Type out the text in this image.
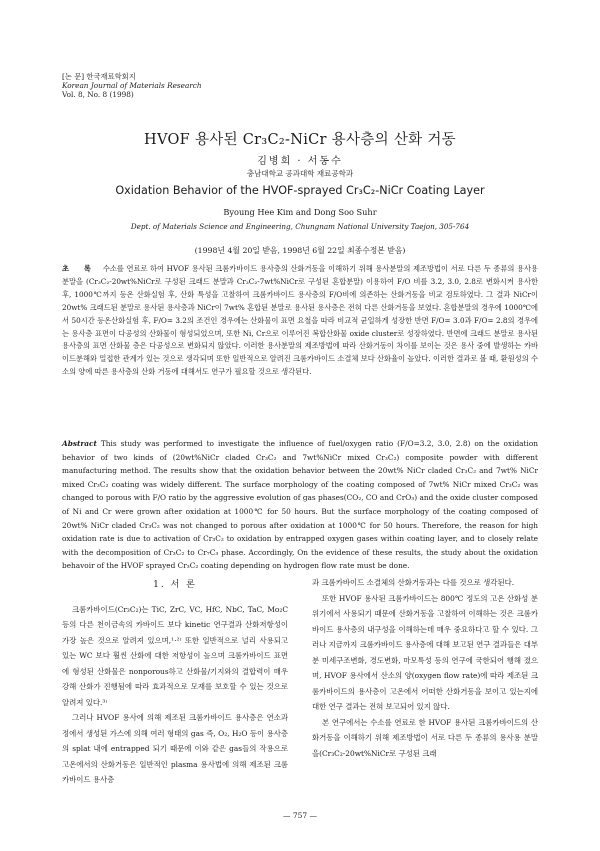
[논 문] 한국재료학회지
Korean Journal of Materials Research
Vol. 8, No. 8 (1998)
HVOF 용사된 Cr₃C₂-NiCr 용사층의 산화 거동
김병희 · 서동수
충남대학교 공과대학 재료공학과
Oxidation Behavior of the HVOF-sprayed Cr₃C₂-NiCr Coating Layer
Byoung Hee Kim and Dong Soo Suhr
Dept. of Materials Science and Engineering, Chungnam National University Taejon, 305-764
(1998년 4월 20일 받음, 1998년 6월 22일 최종수정본 받음)
초 록 수소를 연료로 하여 HVOF 용사된 크롬카바이드 용사층의 산화거동을 이해하기 위해 용사분말의 제조방법이 서로 다른 두 종류의 용사용 분말을 (Cr₃C₂-20wt%NiCr로 구성된 크래드 분말과 Cr₃C₂-7wt%NiCr로 구성된 혼합분말) 이용하여 F/O 비를 3.2, 3.0, 2.8로 변화시켜 용사한 후, 1000℃까지 등온 산화실험 후, 산화 특성을 고찰하여 크롬카바이드 용사층의 F/O비에 의존하는 산화거동을 비교 검토하였다. 그 결과 NiCr이 20wt% 크래드된 분말로 용사된 용사층과 NiCr이 7wt% 혼합된 분말로 용사된 용사층은 전혀 다른 산화거동을 보였다. 혼합분말의 경우에 1000℃에서 50시간 등온산화실험 후, F/O= 3.2의 조건인 경우에는 산화물이 표면 요철을 따라 비교적 균일하게 성장한 반면 F/O= 3.0과 F/O= 2.8의 경우에는 용사층 표면이 다공성의 산화물이 형성되었으며, 또한 Ni, Cr으로 이루어진 복합산화물 oxide cluster로 성장하였다. 반면에 크래드 분말로 용사된 용사층의 표면 산화물 층은 다공성으로 변화되지 않았다. 이러한 용사분말의 제조방법에 따라 산화거동이 차이를 보이는 것은 용사 중에 발생하는 카바이드분해와 밀접한 관계가 있는 것으로 생각되며 또한 일반적으로 알려진 크롬카바이드 소결체 보다 산화율이 높았다. 이러한 결과로 볼 때, 환원성의 수소의 양에 따른 용사층의 산화 거동에 대해서도 연구가 필요할 것으로 생각된다.
Abstract This study was performed to investigate the influence of fuel/oxygen ratio (F/O=3.2, 3.0, 2.8) on the oxidation behavior of two kinds of (20wt%NiCr claded Cr₃C₂ and 7wt%NiCr mixed Cr₃C₂) composite powder with different manufacturing method. The results show that the oxidation behavior between the 20wt% NiCr claded Cr₃C₂ and 7wt% NiCr mixed Cr₃C₂ coating was widely different. The surface morphology of the coating composed of 7wt% NiCr mixed Cr₃C₂ was changed to porous with F/O ratio by the aggressive evolution of gas phases(CO₂, CO and CrO₃) and the oxide cluster composed of Ni and Cr were grown after oxidation at 1000℃ for 50 hours. But the surface morphology of the coating composed of 20wt% NiCr claded Cr₃C₂ was not changed to porous after oxidation at 1000℃ for 50 hours. Therefore, the reason for high oxidation rate is due to activation of Cr₃C₂ to oxidation by entrapped oxygen gases within coating layer, and to closely relate with the decomposition of Cr₃C₂ to Cr₇C₃ phase. Accordingly, On the evidence of these results, the study about the oxidation behavoir of the HVOF sprayed Cr₃C₂ coating depending on hydrogen flow rate must be done.
1. 서 론

크롬카바이드(Cr₃C₂)는 TiC, ZrC, VC, HfC, NbC, TaC, Mo₂C 등의 다른 천이금속의 카바이드 보다 kinetic 연구결과 산화저항성이 가장 높은 것으로 알려져 있으며,¹·²⁾ 또한 일반적으로 널리 사용되고 있는 WC 보다 훨씬 산화에 대한 저항성이 높으며 크롬카바이드 표면에 형성된 산화물은 nonporous하고 산화물/기지와의 결합력이 매우 강해 산화가 진행됨에 따라 효과적으로 모재를 보호할 수 있는 것으로 알려져 있다.³⁾

그러나 HVOF 용사에 의해 제조된 크롬카바이드 용사층은 연소과정에서 생성된 가스에 의해 여러 형태의 gas 즉, O₂, H₂O 등이 용사층의 splat 내에 entrapped 되기 때문에 이와 같은 gas들의 작용으로 고온에서의 산화거동은 일반적인 plasma 용사법에 의해 제조된 크롬카바이드 용사층

과 크롬카바이드 소결체의 산화거동과는 다를 것으로 생각된다.

또한 HVOF 용사된 크롬카바이드는 800℃ 정도의 고온 산화성 분위기에서 사용되기 때문에 산화거동을 고찰하여 이해하는 것은 크롬카바이드 용사층의 내구성을 이해하는데 매우 중요하다고 할 수 있다. 그러나 지금까지 크롬카바이드 용사층에 대해 보고된 연구 결과들은 대부분 미세구조변화, 경도변화, 마모특성 등의 연구에 국한되어 행해 졌으며, HVOF 용사에서 산소의 양(oxygen flow rate)에 따라 제조된 크롬카바이드의 용사층이 고온에서 어떠한 산화거동을 보이고 있는지에 대한 연구 결과는 전혀 보고되어 있지 않다.

본 연구에서는 수소를 연료로 한 HVOF 용사된 크롬카바이드의 산화거동을 이해하기 위해 제조방법이 서로 다른 두 종류의 용사용 분말을(Cr₃C₂-20wt%NiCr로 구성된 크래

— 757 —
